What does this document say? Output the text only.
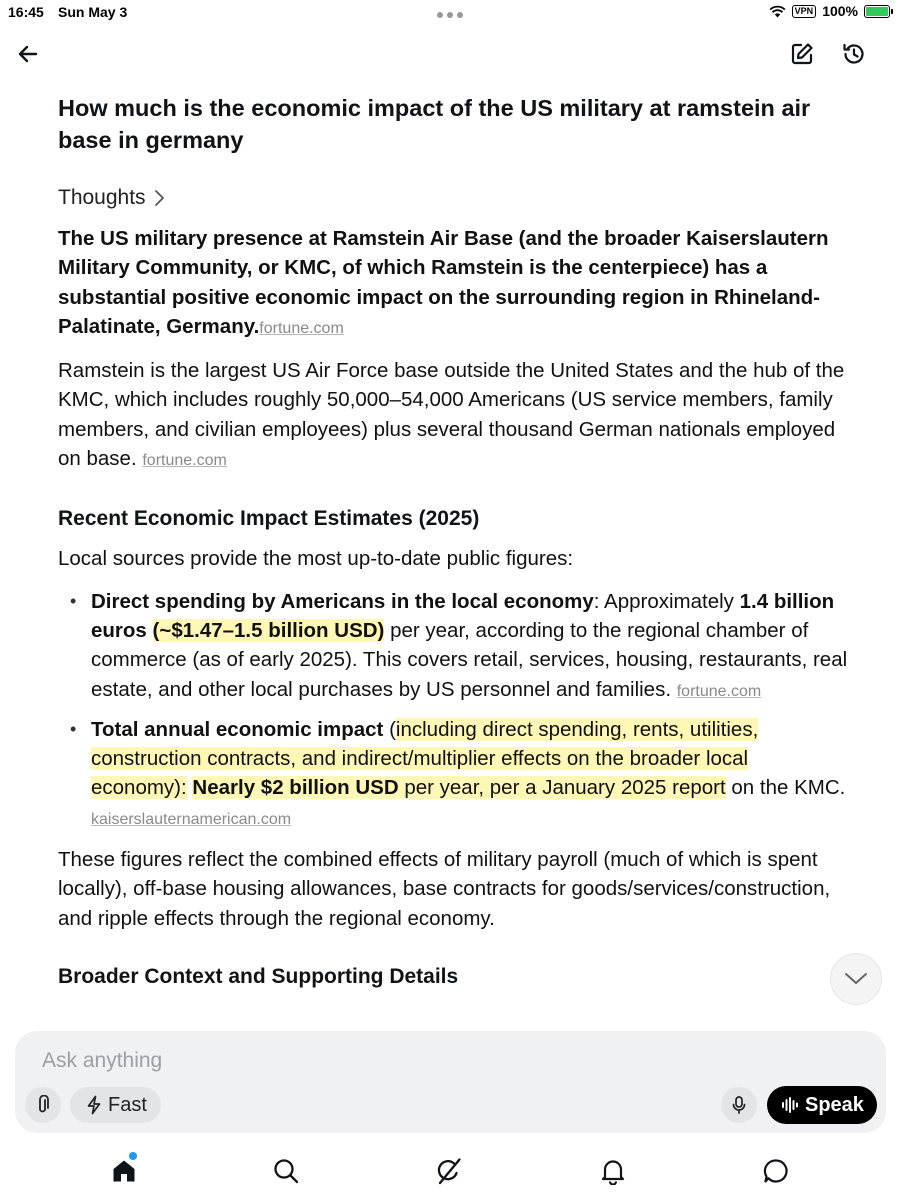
16:45 Sun May 3	VPN 100%
How much is the economic impact of the US military at ramstein air base in germany
Thoughts

The US military presence at Ramstein Air Base (and the broader Kaiserslautern Military Community, or KMC, of which Ramstein is the centerpiece) has a substantial positive economic impact on the surrounding region in Rhineland-Palatinate, Germany.fortune.com

Ramstein is the largest US Air Force base outside the United States and the hub of the KMC, which includes roughly 50,000–54,000 Americans (US service members, family members, and civilian employees) plus several thousand German nationals employed on base. fortune.com

Recent Economic Impact Estimates (2025)

Local sources provide the most up-to-date public figures:

• Direct spending by Americans in the local economy: Approximately 1.4 billion euros (~$1.47–1.5 billion USD) per year, according to the regional chamber of commerce (as of early 2025). This covers retail, services, housing, restaurants, real estate, and other local purchases by US personnel and families. fortune.com
• Total annual economic impact (including direct spending, rents, utilities, construction contracts, and indirect/multiplier effects on the broader local economy): Nearly $2 billion USD per year, per a January 2025 report on the KMC. kaiserslauternamerican.com

These figures reflect the combined effects of military payroll (much of which is spent locally), off-base housing allowances, base contracts for goods/services/construction, and ripple effects through the regional economy.

Broader Context and Supporting Details
Ask anything
Fast	Speak
